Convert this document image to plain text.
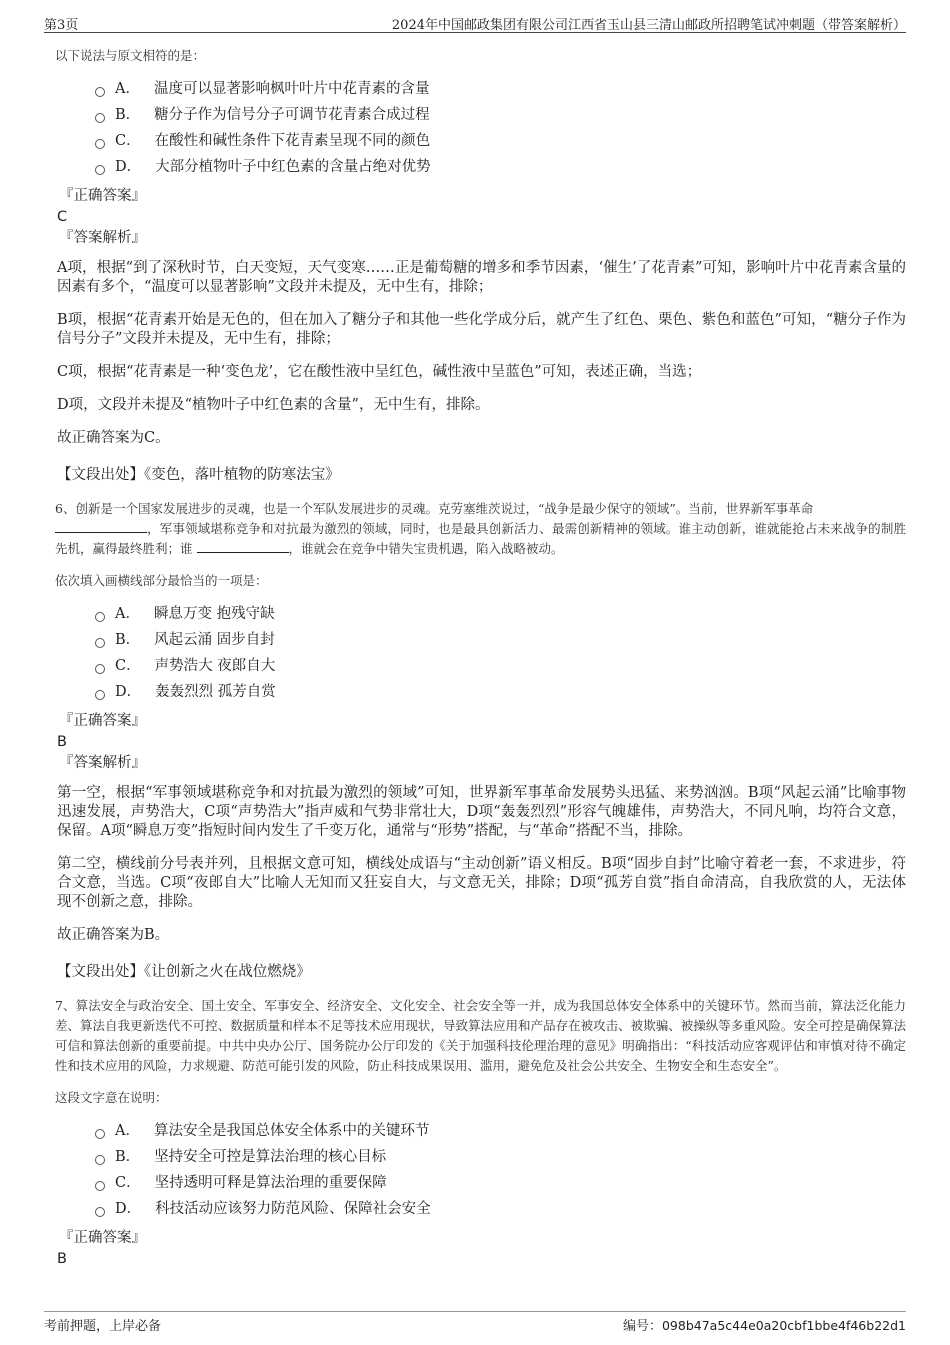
第3页	2024年中国邮政集团有限公司江西省玉山县三清山邮政所招聘笔试冲刺题（带答案解析）
以下说法与原文相符的是：
A． 温度可以显著影响枫叶叶片中花青素的含量
B． 糖分子作为信号分子可调节花青素合成过程
C． 在酸性和碱性条件下花青素呈现不同的颜色
D． 大部分植物叶子中红色素的含量占绝对优势
『正确答案』
C
『答案解析』
A项，根据“到了深秋时节，白天变短，天气变寒……正是葡萄糖的增多和季节因素，‘催生’了花青素”可知，影响叶片中花青素含量的因素有多个，“温度可以显著影响”文段并未提及，无中生有，排除；
B项，根据“花青素开始是无色的，但在加入了糖分子和其他一些化学成分后，就产生了红色、栗色、紫色和蓝色”可知，“糖分子作为信号分子”文段并未提及，无中生有，排除；
C项，根据“花青素是一种‘变色龙’，它在酸性液中呈红色，碱性液中呈蓝色”可知，表述正确，当选；
D项，文段并未提及“植物叶子中红色素的含量”，无中生有，排除。
故正确答案为C。
【文段出处】《变色，落叶植物的防寒法宝》
6、创新是一个国家发展进步的灵魂，也是一个军队发展进步的灵魂。克劳塞维茨说过，“战争是最少保守的领域”。当前，世界新军事革命
，军事领域堪称竞争和对抗最为激烈的领域，同时，也是最具创新活力、最需创新精神的领域。谁主动创新，谁就能抢占未来战争的制胜先机，赢得最终胜利；谁	，谁就会在竞争中错失宝贵机遇，陷入战略被动。
依次填入画横线部分最恰当的一项是：
A． 瞬息万变 抱残守缺
B． 风起云涌 固步自封
C． 声势浩大 夜郎自大
D． 轰轰烈烈 孤芳自赏
『正确答案』
B
『答案解析』
第一空，根据“军事领域堪称竞争和对抗最为激烈的领域”可知，世界新军事革命发展势头迅猛、来势汹汹。B项“风起云涌”比喻事物迅速发展，声势浩大，C项“声势浩大”指声威和气势非常壮大，D项“轰轰烈烈”形容气魄雄伟，声势浩大，不同凡响，均符合文意，保留。A项“瞬息万变”指短时间内发生了千变万化，通常与“形势”搭配，与“革命”搭配不当，排除。
第二空，横线前分号表并列，且根据文意可知，横线处成语与“主动创新”语义相反。B项“固步自封”比喻守着老一套，不求进步，符合文意，当选。C项“夜郎自大”比喻人无知而又狂妄自大，与文意无关，排除；D项“孤芳自赏”指自命清高，自我欣赏的人，无法体现不创新之意，排除。
故正确答案为B。
【文段出处】《让创新之火在战位燃烧》
7、算法安全与政治安全、国土安全、军事安全、经济安全、文化安全、社会安全等一并，成为我国总体安全体系中的关键环节。然而当前，算法泛化能力差、算法自我更新迭代不可控、数据质量和样本不足等技术应用现状，导致算法应用和产品存在被攻击、被欺骗、被操纵等多重风险。安全可控是确保算法可信和算法创新的重要前提。中共中央办公厅、国务院办公厅印发的《关于加强科技伦理治理的意见》明确指出：“科技活动应客观评估和审慎对待不确定性和技术应用的风险，力求规避、防范可能引发的风险，防止科技成果误用、滥用，避免危及社会公共安全、生物安全和生态安全”。
这段文字意在说明：
A． 算法安全是我国总体安全体系中的关键环节
B． 坚持安全可控是算法治理的核心目标
C． 坚持透明可释是算法治理的重要保障
D． 科技活动应该努力防范风险、保障社会安全
『正确答案』
B
考前押题，上岸必备	编号：098b47a5c44e0a20cbf1bbe4f46b22d1
